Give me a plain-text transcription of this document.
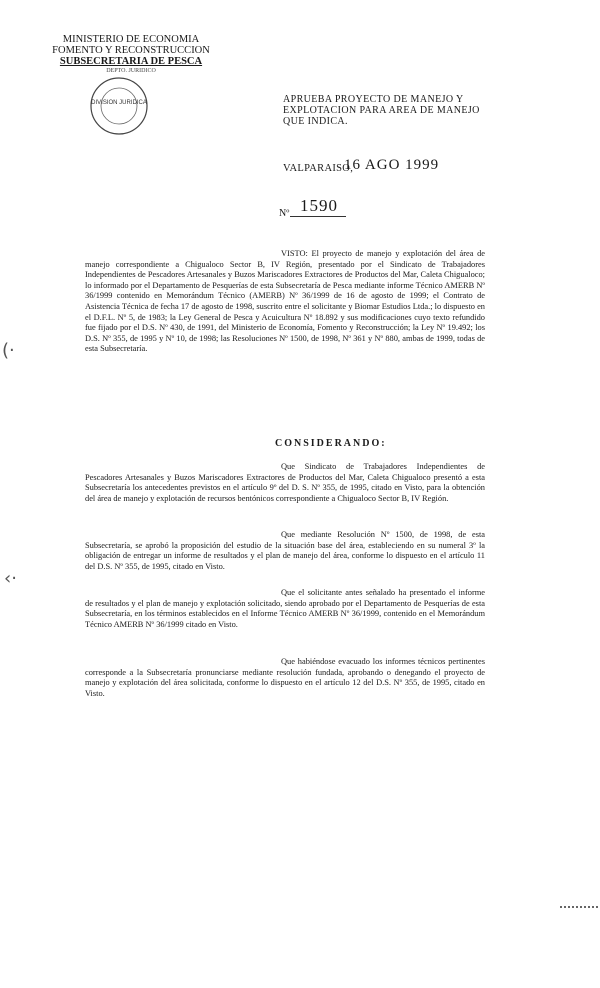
MINISTERIO DE ECONOMIA
FOMENTO Y RECONSTRUCCION
SUBSECRETARIA DE PESCA
DEPTO. JURIDICO
DIVISION JURIDICA	APRUEBA PROYECTO DE MANEJO Y EXPLOTACION PARA AREA DE MANEJO QUE INDICA.
VALPARAISO,
16 AGO 1999
Nº 1590
VISTO: El proyecto de manejo y explotación del área de manejo correspondiente a Chigualoco Sector B, IV Región, presentado por el Sindicato de Trabajadores Independientes de Pescadores Artesanales y Buzos Mariscadores Extractores de Productos del Mar, Caleta Chigualoco; lo informado por el Departamento de Pesquerías de esta Subsecretaría de Pesca mediante informe Técnico AMERB Nº 36/1999 contenido en Memorándum Técnico (AMERB) Nº 36/1999 de 16 de agosto de 1999; el Contrato de Asistencia Técnica de fecha 17 de agosto de 1998, suscrito entre el solicitante y Biomar Estudios Ltda.; lo dispuesto en el D.F.L. Nº 5, de 1983; la Ley General de Pesca y Acuicultura Nº 18.892 y sus modificaciones cuyo texto refundido fue fijado por el D.S. Nº 430, de 1991, del Ministerio de Economía, Fomento y Reconstrucción; la Ley Nº 19.492; los D.S. Nº 355, de 1995 y Nº 10, de 1998; las Resoluciones Nº 1500, de 1998, Nº 361 y Nº 880, ambas de 1999, todas de esta Subsecretaría.
CONSIDERANDO:
Que Sindicato de Trabajadores Independientes de Pescadores Artesanales y Buzos Mariscadores Extractores de Productos del Mar, Caleta Chigualoco presentó a esta Subsecretaría los antecedentes previstos en el artículo 9º del D. S. Nº 355, de 1995, citado en Visto, para la obtención del área de manejo y explotación de recursos bentónicos correspondiente a Chigualoco Sector B, IV Región.
Que mediante Resolución Nº 1500, de 1998, de esta Subsecretaría, se aprobó la proposición del estudio de la situación base del área, estableciendo en su numeral 3º la obligación de entregar un informe de resultados y el plan de manejo del área, conforme lo dispuesto en el artículo 11 del D.S. Nº 355, de 1995, citado en Visto.
Que el solicitante antes señalado ha presentado el informe de resultados y el plan de manejo y explotación solicitado, siendo aprobado por el Departamento de Pesquerías de esta Subsecretaría, en los términos establecidos en el Informe Técnico AMERB Nº 36/1999, contenido en el Memorándum Técnico AMERB Nº 36/1999 citado en Visto.
Que habiéndose evacuado los informes técnicos pertinentes corresponde a la Subsecretaría pronunciarse mediante resolución fundada, aprobando o denegando el proyecto de manejo y explotación del área solicitada, conforme lo dispuesto en el artículo 12 del D.S. Nº 355, de 1995, citado en Visto.
(·
‹·
